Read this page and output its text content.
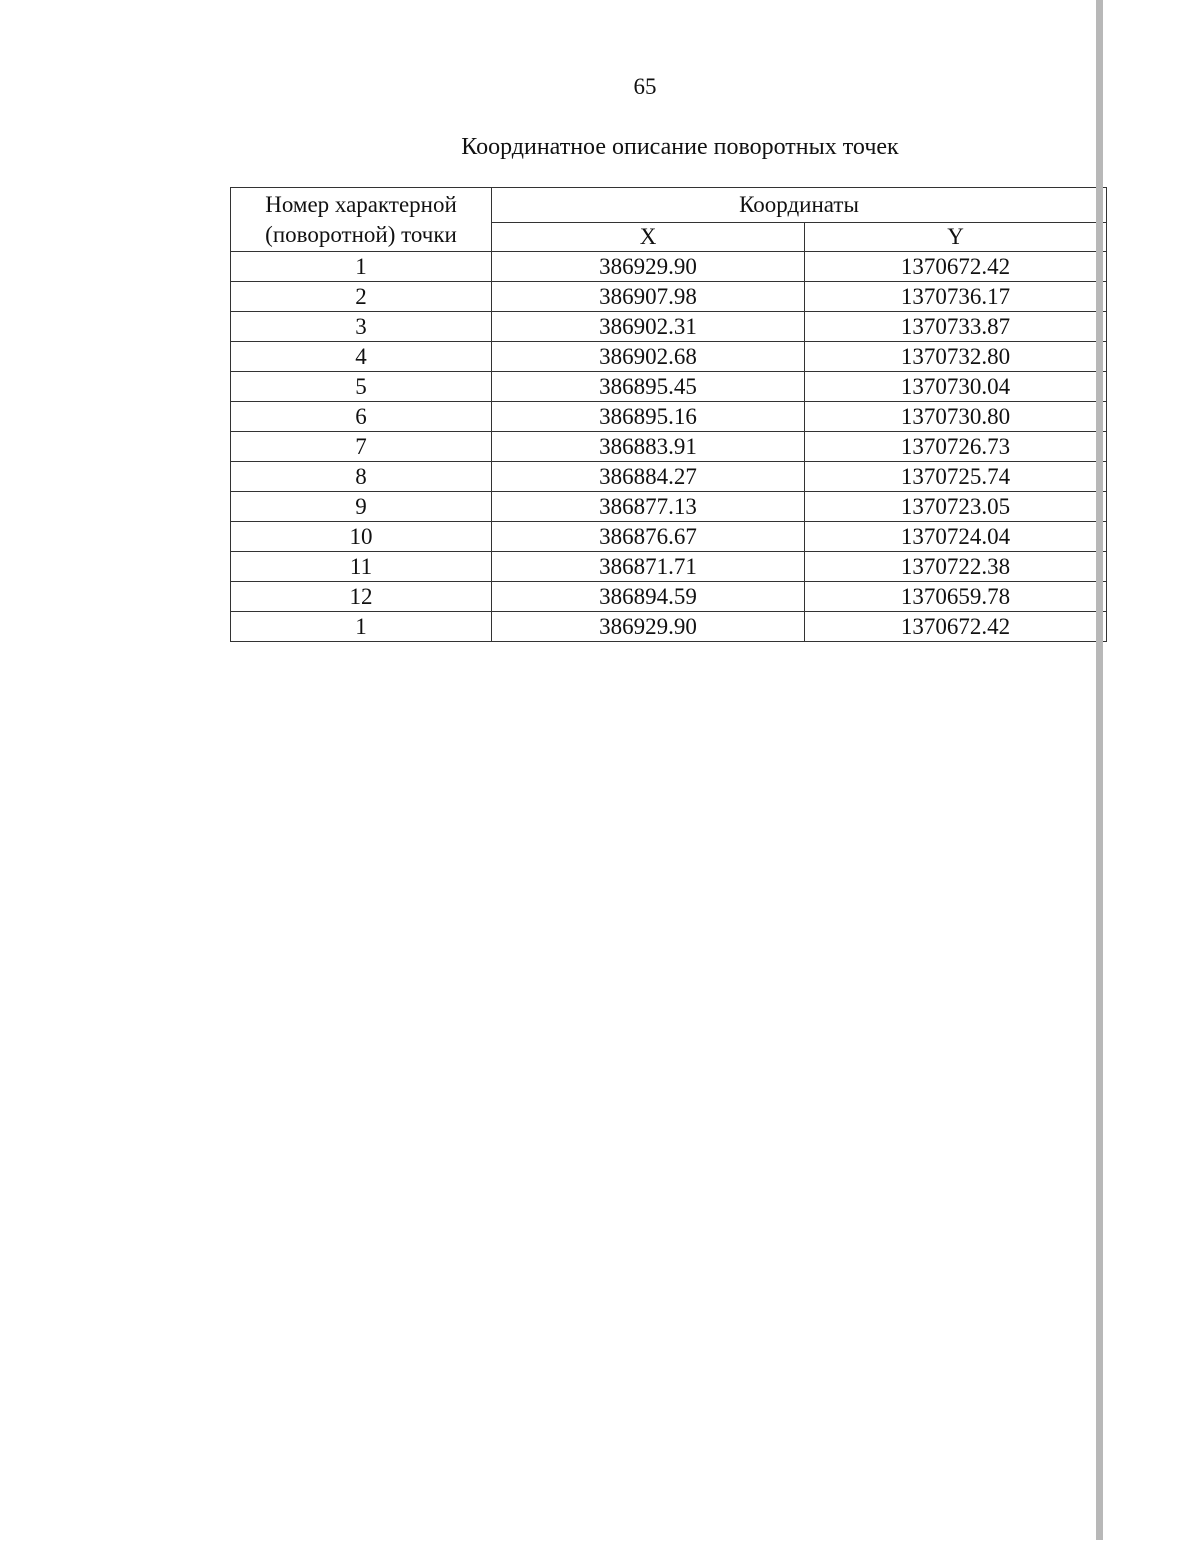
65
Координатное описание поворотных точек
Номер характерной (поворотной) точки	Координаты	
	X	Y
1	386929.90	1370672.42
2	386907.98	1370736.17
3	386902.31	1370733.87
4	386902.68	1370732.80
5	386895.45	1370730.04
6	386895.16	1370730.80
7	386883.91	1370726.73
8	386884.27	1370725.74
9	386877.13	1370723.05
10	386876.67	1370724.04
11	386871.71	1370722.38
12	386894.59	1370659.78
1	386929.90	1370672.42
